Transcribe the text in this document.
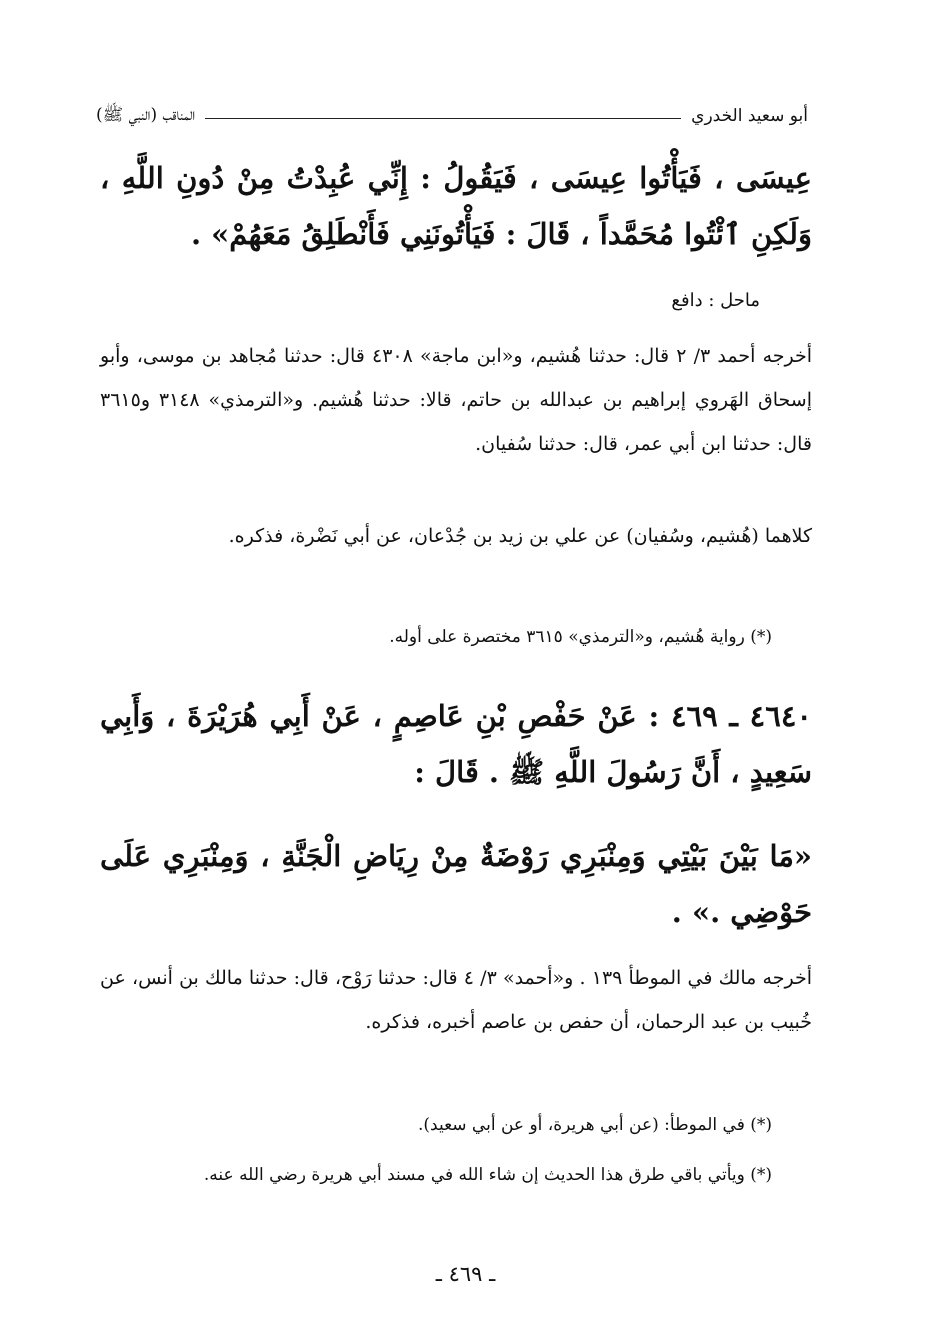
المناقب (النبي ﷺ)	أبو سعيد الخدري
عِيسَى ، فَيَأْتُوا عِيسَى ، فَيَقُولُ : إِنِّي عُبِدْتُ مِنْ دُونِ اللَّهِ ، وَلَكِنِ ٱئْتُوا مُحَمَّداً ، قَالَ : فَيَأْتُونَنِي فَأَنْطَلِقُ مَعَهُمْ» .
ماحل : دافع
أخرجه أحمد ٣/ ٢ قال: حدثنا هُشيم، و«ابن ماجة» ٤٣٠٨ قال: حدثنا مُجاهد بن موسى، وأبو إسحاق الهَروي إبراهيم بن عبدالله بن حاتم، قالا: حدثنا هُشيم. و«الترمذي» ٣١٤٨ و٣٦١٥ قال: حدثنا ابن أبي عمر، قال: حدثنا سُفيان.
كلاهما (هُشيم، وسُفيان) عن علي بن زيد بن جُدْعان، عن أبي نَضْرة، فذكره.
(*) رواية هُشيم، و«الترمذي» ٣٦١٥ مختصرة على أوله.
٤٦٤٠ ـ ٤٦٩ : عَنْ حَفْصِ بْنِ عَاصِمٍ ، عَنْ أَبِي هُرَيْرَةَ ، وَأَبِي سَعِيدٍ ، أَنَّ رَسُولَ اللَّهِ ﷺ . قَالَ :
«مَا بَيْنَ بَيْتِي وَمِنْبَرِي رَوْضَةٌ مِنْ رِيَاضِ الْجَنَّةِ ، وَمِنْبَرِي عَلَى حَوْضِي .» .
أخرجه مالك في الموطأ ١٣٩ . و«أحمد» ٣/ ٤ قال: حدثنا رَوْح، قال: حدثنا مالك بن أنس، عن خُبيب بن عبد الرحمان، أن حفص بن عاصم أخبره، فذكره.
(*) في الموطأ: (عن أبي هريرة، أو عن أبي سعيد).
(*) ويأتي باقي طرق هذا الحديث إن شاء الله في مسند أبي هريرة رضي الله عنه.
ـ ٤٦٩ ـ
